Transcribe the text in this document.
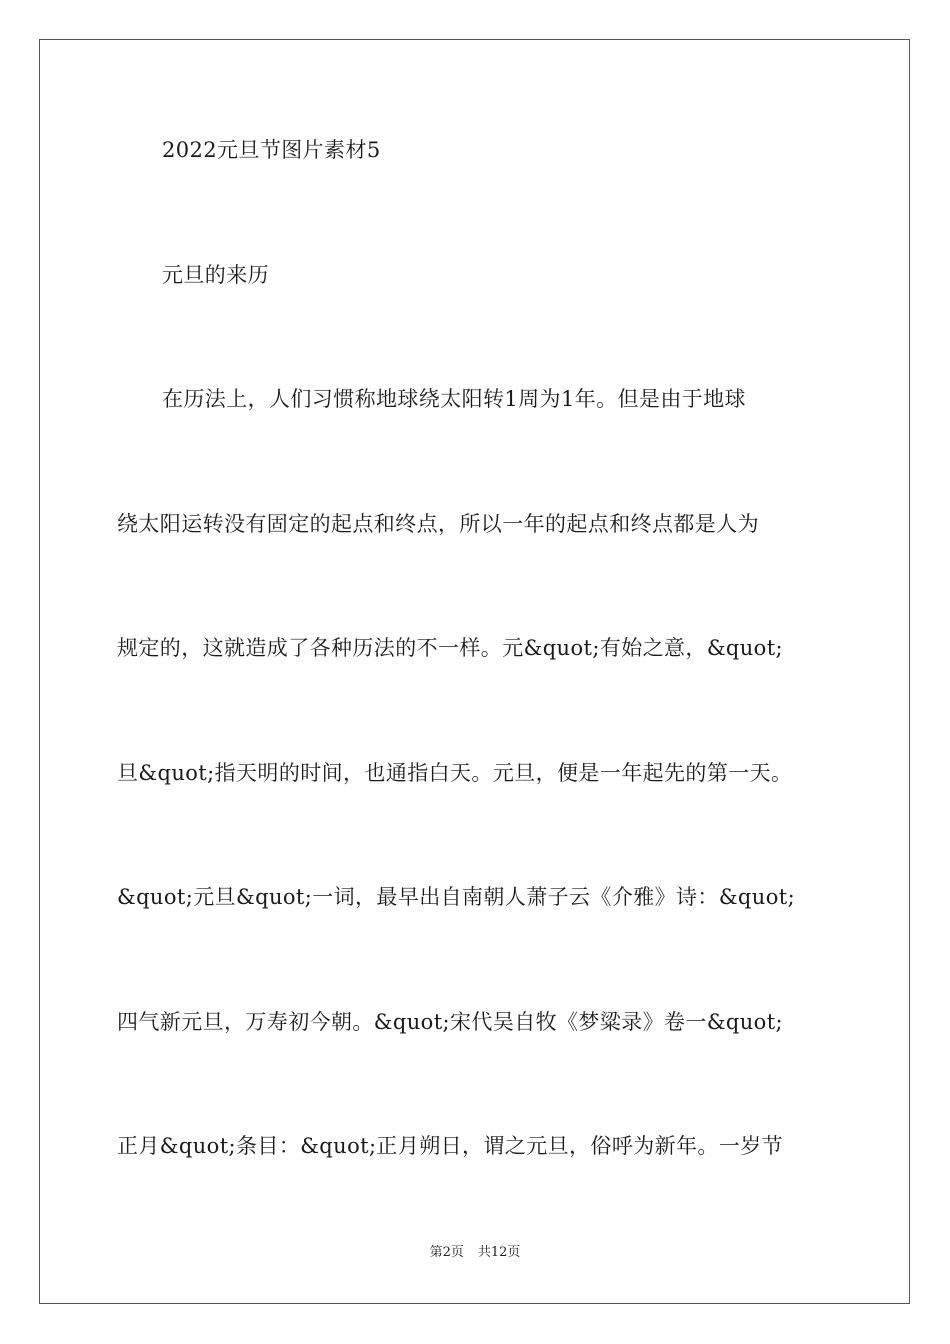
2022元旦节图片素材5
元旦的来历
在历法上，人们习惯称地球绕太阳转1周为1年。但是由于地球
绕太阳运转没有固定的起点和终点，所以一年的起点和终点都是人为
规定的，这就造成了各种历法的不一样。元&quot;有始之意，&quot;
旦&quot;指天明的时间，也通指白天。元旦，便是一年起先的第一天。
&quot;元旦&quot;一词，最早出自南朝人萧子云《介雅》诗：&quot;
四气新元旦，万寿初今朝。&quot;宋代吴自牧《梦粱录》卷一&quot;
正月&quot;条目：&quot;正月朔日，谓之元旦，俗呼为新年。一岁节
第2页 共12页
